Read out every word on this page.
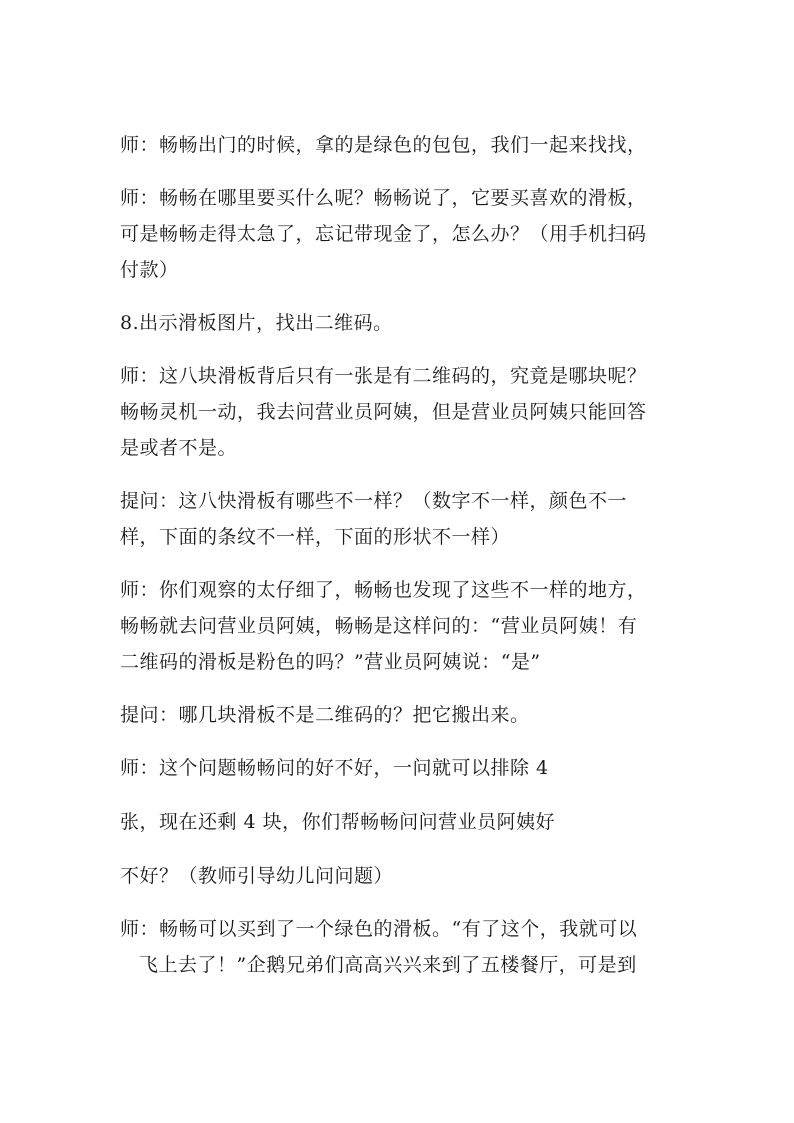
师：畅畅出门的时候，拿的是绿色的包包，我们一起来找找，
师：畅畅在哪里要买什么呢？畅畅说了，它要买喜欢的滑板，
可是畅畅走得太急了，忘记带现金了，怎么办？（用手机扫码
付款）
8.出示滑板图片，找出二维码。
师：这八块滑板背后只有一张是有二维码的，究竟是哪块呢？
畅畅灵机一动，我去问营业员阿姨，但是营业员阿姨只能回答
是或者不是。
提问：这八快滑板有哪些不一样？（数字不一样，颜色不一
样，下面的条纹不一样，下面的形状不一样）
师：你们观察的太仔细了，畅畅也发现了这些不一样的地方，
畅畅就去问营业员阿姨，畅畅是这样问的：“营业员阿姨！有
二维码的滑板是粉色的吗？”营业员阿姨说：“是”
提问：哪几块滑板不是二维码的？把它搬出来。
师：这个问题畅畅问的好不好，一问就可以排除 4
张，现在还剩 4 块，你们帮畅畅问问营业员阿姨好
不好？（教师引导幼儿问问题）
师：畅畅可以买到了一个绿色的滑板。“有了这个，我就可以
飞上去了！”企鹅兄弟们高高兴兴来到了五楼餐厅，可是到
